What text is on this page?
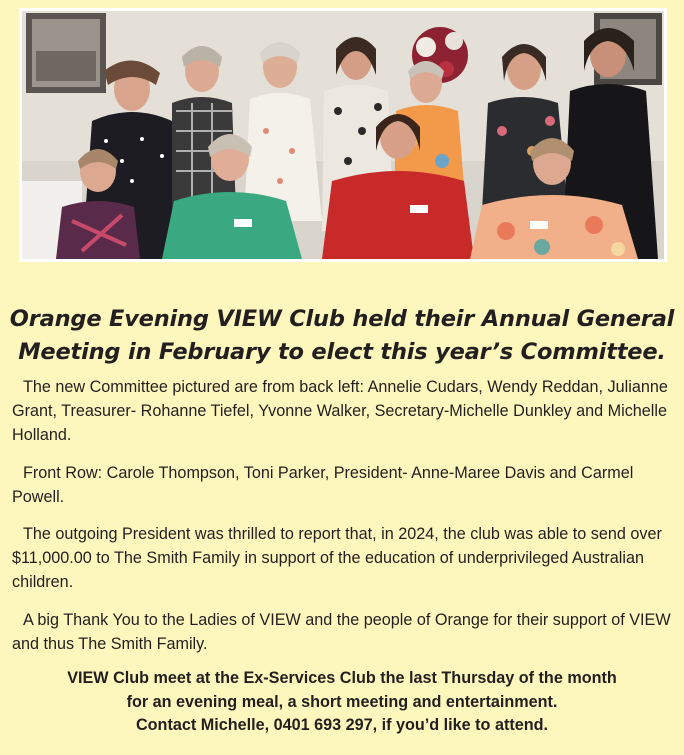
Orange Evening VIEW Club held their Annual General
Meeting in February to elect this year’s Committee.

The new Committee pictured are from back left: Annelie Cudars, Wendy Reddan, Julianne Grant, Treasurer- Rohanne Tiefel, Yvonne Walker, Secretary-Michelle Dunkley and Michelle Holland.

Front Row: Carole Thompson, Toni Parker, President- Anne-Maree Davis and Carmel Powell.

The outgoing President was thrilled to report that, in 2024, the club was able to send over $11,000.00 to The Smith Family in support of the education of underprivileged Australian children.

A big Thank You to the Ladies of VIEW and the people of Orange for their support of VIEW and thus The Smith Family.

VIEW Club meet at the Ex-Services Club the last Thursday of the month
for an evening meal, a short meeting and entertainment.
Contact Michelle, 0401 693 297, if you’d like to attend.
